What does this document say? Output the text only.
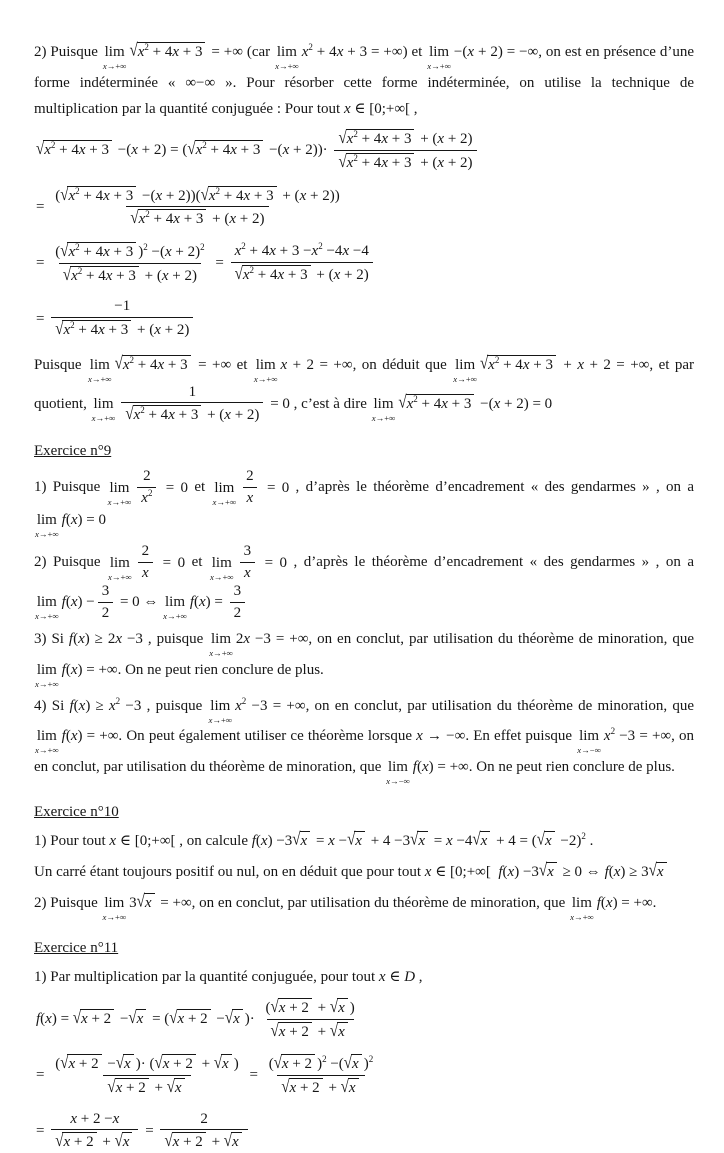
2) Puisque lim
x→+∞
$√x^2 + 4x + 3$ = +∞ (car lim
x→+∞
$x^2 + 4x + 3$ = +∞) et lim
x→+∞
−(x + 2) = −∞, on est en présence d’une forme indéterminée « ∞−∞ ». Pour résorber cette forme indéterminée, on utilise la technique de multiplication par la quantité conjuguée : Pour tout x ∈ [0;+∞[ ,

$√x^2 + 4x + 3 -(x + 2) = (√x^2 + 4x + 3 -(x + 2))\cdot \frac{√x^2 + 4x + 3 + (x + 2)}{√x^2 + 4x + 3 + (x + 2)}$
= $\frac{(√x^2 + 4x + 3 -(x + 2))(√x^2 + 4x + 3 + (x + 2))}{√x^2 + 4x + 3 + (x + 2)}$
= $\frac{(√x^2 + 4x + 3 )^2 -(x + 2)^2}{√x^2 + 4x + 3 + (x + 2)} = \frac{x^2 + 4x + 3 -x^2 -4x -4}{√x^2 + 4x + 3 + (x + 2)}$
= $\frac{-1}{√x^2 + 4x + 3 + (x + 2)}$

Puisque lim
x→+∞
$√x^2 + 4x + 3$ = +∞ et lim
x→+∞
x + 2 = +∞, on déduit que lim
x→+∞
$√x^2 + 4x + 3 + x + 2$ = +∞, et par quotient, lim
$x\to+\infty \frac{1}{√x^2 + 4x + 3 + (x + 2)} = 0$ , c’est à dire lim
x→+∞
$√x^2 + 4x + 3 -(x + 2) = 0$

Exercice n°9

1) Puisque lim
$x\to+\infty \frac{2}{x^2} = 0$ et lim
$x\to+\infty \frac{2}{x} = 0$ , d’après le théorème d’encadrement « des gendarmes » , on a
lim
x→+∞
f(x) = 0

2) Puisque lim
$x\to+\infty \frac{2}{x} = 0$ et lim
$x\to+\infty \frac{3}{x} = 0$ , d’après le théorème d’encadrement « des gendarmes » , on a
lim
x→+∞
$f(x) - \frac{3}{2} = 0$ ⇔ lim
x→+∞
$f(x) = \frac{3}{2}$

3) Si f(x) ≥ 2x −3 , puisque lim
x→+∞
2x −3 = +∞, on en conclut, par utilisation du théorème de minoration, que
lim
x→+∞
f(x) = +∞. On ne peut rien conclure de plus.

4) Si $f(x) \ge x^2 -3$ , puisque lim
x→+∞
$x^2 -3$ = +∞, on en conclut, par utilisation du théorème de minoration, que
lim
x→+∞
f(x) = +∞. On peut également utiliser ce théorème lorsque x → −∞. En effet puisque lim
x→−∞
$x^2 -3$ = +∞, on en conclut, par utilisation du théorème de minoration, que lim
x→−∞
f(x) = +∞. On ne peut rien conclure de plus.

Exercice n°10

1) Pour tout x ∈ [0;+∞[ , on calcule $f(x) -3√x = x -√x + 4 -3√x = x -4√x + 4 = (√x -2)^2$ .

Un carré étant toujours positif ou nul, on en déduit que pour tout x ∈ [0;+∞[ f(x) −3√x ≥ 0 ⇔ f(x) ≥ 3√x

2) Puisque lim
x→+∞
3√x = +∞, on en conclut, par utilisation du théorème de minoration, que lim
x→+∞
f(x) = +∞.

Exercice n°11

1) Par multiplication par la quantité conjuguée, pour tout x ∈ D ,

f(x) = √x + 2 −√x = (√x + 2 −√x )· $\frac{(√x + 2 + √x )}{√x + 2 + √x}$
= $\frac{(√x + 2 -√x )\cdot (√x + 2 + √x )}{√x + 2 + √x} = \frac{(√x + 2 )^2 -(√x )^2}{√x + 2 + √x}$
= $\frac{x + 2 -x}{√x + 2 + √x} = \frac{2}{√x + 2 + √x}$
